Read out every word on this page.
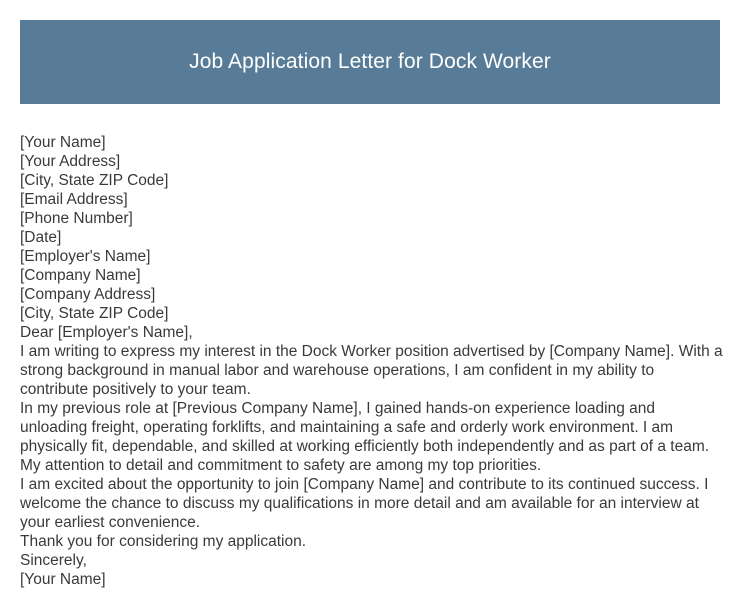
Job Application Letter for Dock Worker
[Your Name]
[Your Address]
[City, State ZIP Code]
[Email Address]
[Phone Number]
[Date]
[Employer's Name]
[Company Name]
[Company Address]
[City, State ZIP Code]
Dear [Employer's Name],
I am writing to express my interest in the Dock Worker position advertised by [Company Name]. With a strong background in manual labor and warehouse operations, I am confident in my ability to contribute positively to your team.
In my previous role at [Previous Company Name], I gained hands-on experience loading and unloading freight, operating forklifts, and maintaining a safe and orderly work environment. I am physically fit, dependable, and skilled at working efficiently both independently and as part of a team. My attention to detail and commitment to safety are among my top priorities.
I am excited about the opportunity to join [Company Name] and contribute to its continued success. I welcome the chance to discuss my qualifications in more detail and am available for an interview at your earliest convenience.
Thank you for considering my application.
Sincerely,
[Your Name]
